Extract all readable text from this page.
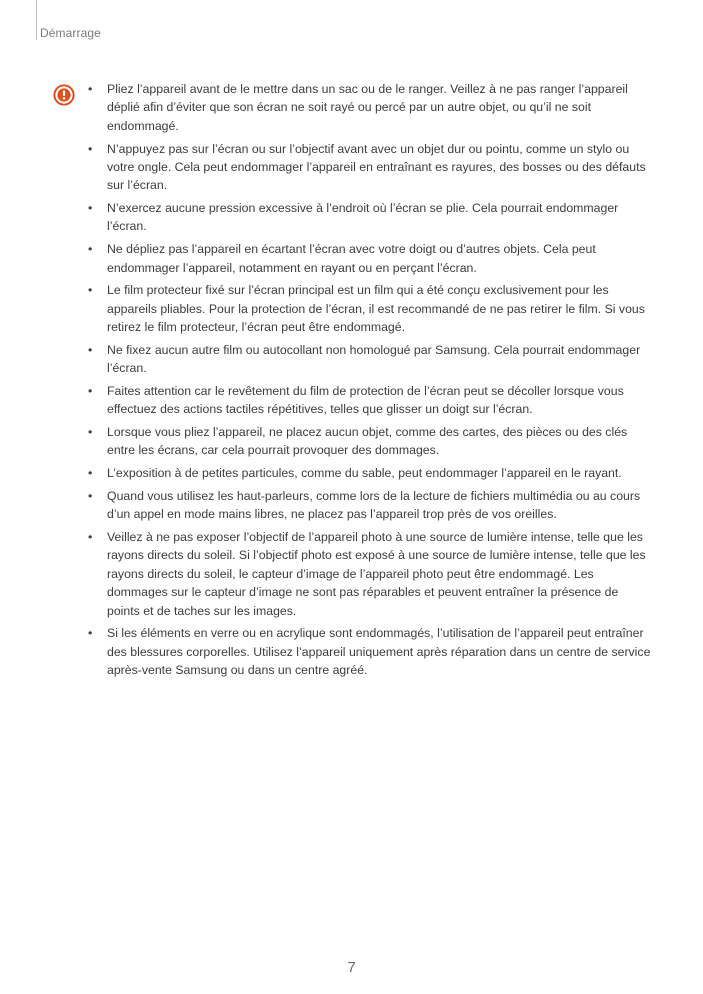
Démarrage
• Pliez l’appareil avant de le mettre dans un sac ou de le ranger. Veillez à ne pas ranger l’appareil déplié afin d’éviter que son écran ne soit rayé ou percé par un autre objet, ou qu’il ne soit endommagé.
• N’appuyez pas sur l’écran ou sur l’objectif avant avec un objet dur ou pointu, comme un stylo ou votre ongle. Cela peut endommager l’appareil en entraînant es rayures, des bosses ou des défauts sur l’écran.
• N’exercez aucune pression excessive à l’endroit où l’écran se plie. Cela pourrait endommager l’écran.
• Ne dépliez pas l’appareil en écartant l’écran avec votre doigt ou d’autres objets. Cela peut endommager l’appareil, notamment en rayant ou en perçant l’écran.
• Le film protecteur fixé sur l’écran principal est un film qui a été conçu exclusivement pour les appareils pliables. Pour la protection de l’écran, il est recommandé de ne pas retirer le film. Si vous retirez le film protecteur, l’écran peut être endommagé.
• Ne fixez aucun autre film ou autocollant non homologué par Samsung. Cela pourrait endommager l’écran.
• Faites attention car le revêtement du film de protection de l’écran peut se décoller lorsque vous effectuez des actions tactiles répétitives, telles que glisser un doigt sur l’écran.
• Lorsque vous pliez l’appareil, ne placez aucun objet, comme des cartes, des pièces ou des clés entre les écrans, car cela pourrait provoquer des dommages.
• L’exposition à de petites particules, comme du sable, peut endommager l’appareil en le rayant.
• Quand vous utilisez les haut-parleurs, comme lors de la lecture de fichiers multimédia ou au cours d’un appel en mode mains libres, ne placez pas l’appareil trop près de vos oreilles.
• Veillez à ne pas exposer l’objectif de l’appareil photo à une source de lumière intense, telle que les rayons directs du soleil. Si l’objectif photo est exposé à une source de lumière intense, telle que les rayons directs du soleil, le capteur d’image de l’appareil photo peut être endommagé. Les dommages sur le capteur d’image ne sont pas réparables et peuvent entraîner la présence de points et de taches sur les images.
• Si les éléments en verre ou en acrylique sont endommagés, l’utilisation de l’appareil peut entraîner des blessures corporelles. Utilisez l’appareil uniquement après réparation dans un centre de service après-vente Samsung ou dans un centre agréé.
7
